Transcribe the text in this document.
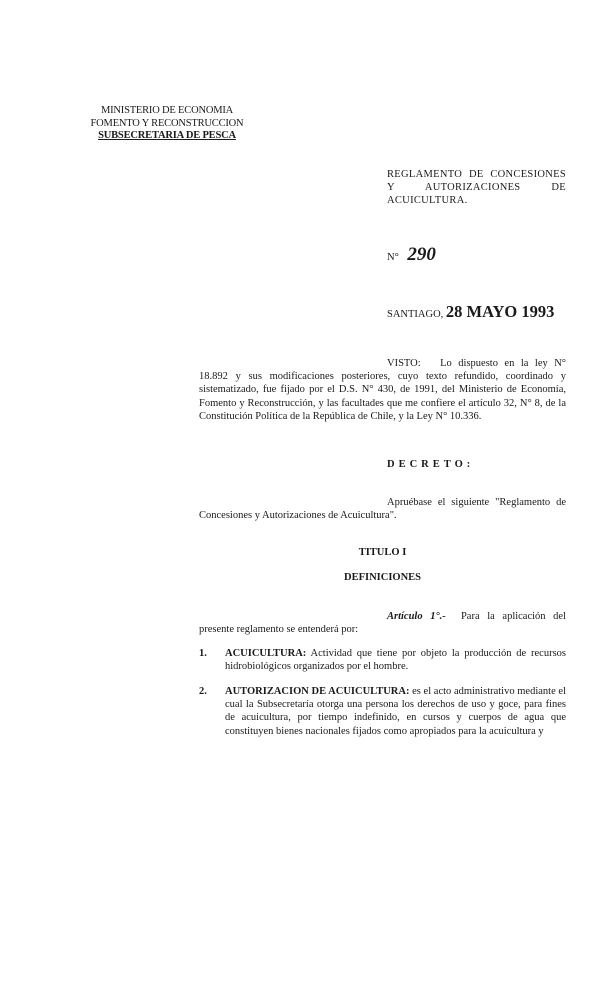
MINISTERIO DE ECONOMIA
FOMENTO Y RECONSTRUCCION
SUBSECRETARIA DE PESCA
REGLAMENTO DE CONCESIONES Y AUTORIZACIONES DE ACUICULTURA.
N° 290
SANTIAGO, 28 MAYO 1993
VISTO: Lo dispuesto en la ley N° 18.892 y sus modificaciones posteriores, cuyo texto refundido, coordinado y sistematizado, fue fijado por el D.S. N° 430, de 1991, del Ministerio de Economía, Fomento y Reconstrucción, y las facultades que me confiere el artículo 32, N° 8, de la Constitución Política de la República de Chile, y la Ley N° 10.336.
DECRETO:
Apruébase el siguiente "Reglamento de Concesiones y Autorizaciones de Acuicultura".
TITULO I
DEFINICIONES
Artículo 1°.- Para la aplicación del presente reglamento se entenderá por:
1. ACUICULTURA: Actividad que tiene por objeto la producción de recursos hidrobiológicos organizados por el hombre.
2. AUTORIZACION DE ACUICULTURA: es el acto administrativo mediante el cual la Subsecretaría otorga una persona los derechos de uso y goce, para fines de acuicultura, por tiempo indefinido, en cursos y cuerpos de agua que constituyen bienes nacionales fijados como apropiados para la acuicultura y
